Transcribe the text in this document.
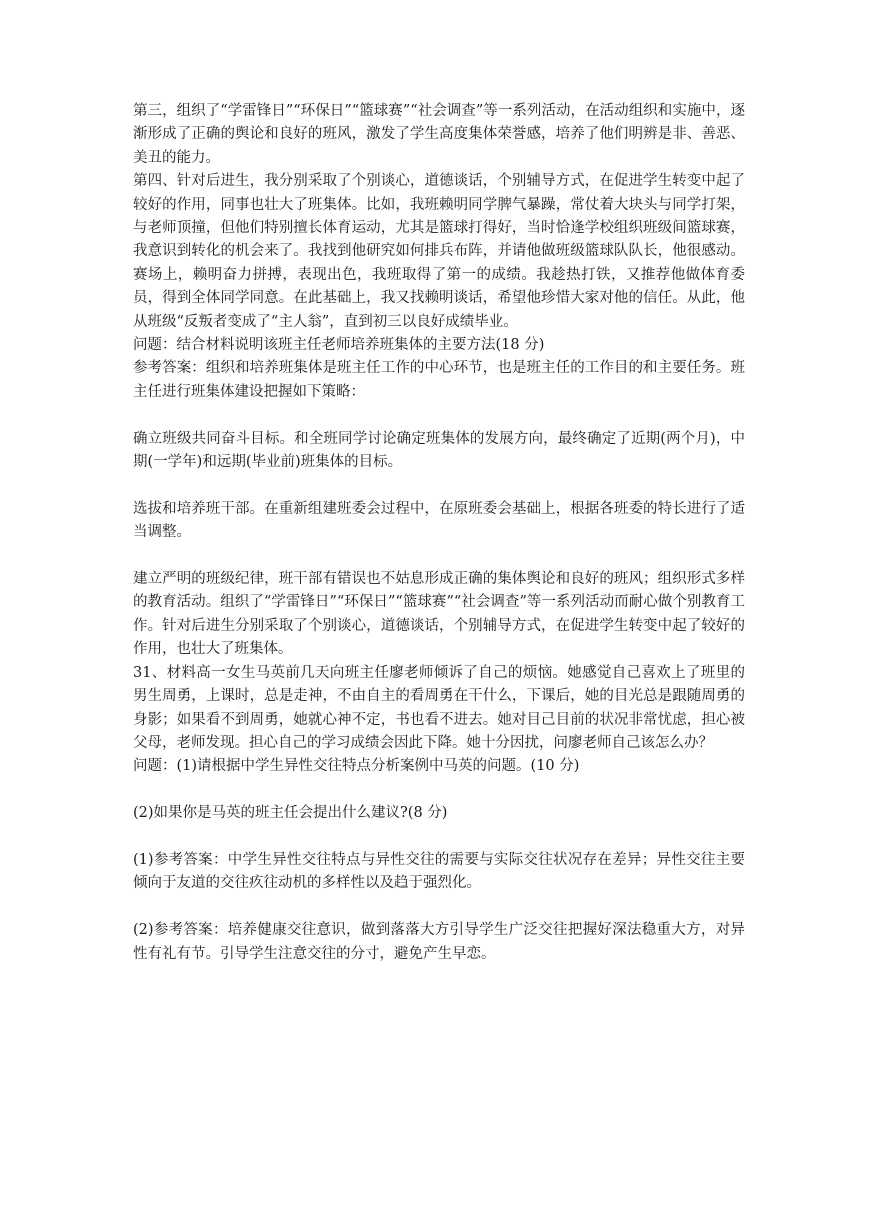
第三，组织了“学雷锋日”“环保日”“篮球赛”“社会调查”等一系列活动，在活动组织和实施中，逐渐形成了正确的舆论和良好的班风，激发了学生高度集体荣誉感，培养了他们明辨是非、善恶、美丑的能力。

第四、针对后进生，我分别采取了个别谈心，道德谈话，个别辅导方式，在促进学生转变中起了较好的作用，同事也壮大了班集体。比如，我班赖明同学脾气暴躁，常仗着大块头与同学打架，与老师顶撞，但他们特别擅长体育运动，尤其是篮球打得好，当时恰逢学校组织班级间篮球赛，我意识到转化的机会来了。我找到他研究如何排兵布阵，并请他做班级篮球队队长，他很感动。赛场上，赖明奋力拼搏，表现出色，我班取得了第一的成绩。我趁热打铁，又推荐他做体育委员，得到全体同学同意。在此基础上，我又找赖明谈话，希望他珍惜大家对他的信任。从此，他从班级“反叛者变成了“主人翁”，直到初三以良好成绩毕业。

问题：结合材料说明该班主任老师培养班集体的主要方法(18 分)

参考答案：组织和培养班集体是班主任工作的中心环节，也是班主任的工作目的和主要任务。班主任进行班集体建设把握如下策略：

确立班级共同奋斗目标。和全班同学讨论确定班集体的发展方向，最终确定了近期(两个月)，中期(一学年)和远期(毕业前)班集体的目标。

选拔和培养班干部。在重新组建班委会过程中，在原班委会基础上，根据各班委的特长进行了适当调整。

建立严明的班级纪律，班干部有错误也不姑息形成正确的集体舆论和良好的班风；组织形式多样的教育活动。组织了“学雷锋日”“环保日”“篮球赛”“社会调查”等一系列活动而耐心做个别教育工作。针对后进生分别采取了个别谈心，道德谈话，个别辅导方式，在促进学生转变中起了较好的作用，也壮大了班集体。

31、材料高一女生马英前几天向班主任廖老师倾诉了自己的烦恼。她感觉自己喜欢上了班里的男生周勇，上课时，总是走神，不由自主的看周勇在干什么，下课后，她的目光总是跟随周勇的身影；如果看不到周勇，她就心神不定，书也看不进去。她对目己目前的状况非常忧虑，担心被父母，老师发现。担心自己的学习成绩会因此下降。她十分因扰，问廖老师自己该怎么办？

问题：(1)请根据中学生异性交往特点分析案例中马英的问题。(10 分)

(2)如果你是马英的班主任会提出什么建议?(8 分)

(1)参考答案：中学生异性交往特点与异性交往的需要与实际交往状况存在差异；异性交往主要倾向于友道的交往疚往动机的多样性以及趋于强烈化。

(2)参考答案：培养健康交往意识，做到落落大方引导学生广泛交往把握好深法稳重大方，对异性有礼有节。引导学生注意交往的分寸，避免产生早恋。
